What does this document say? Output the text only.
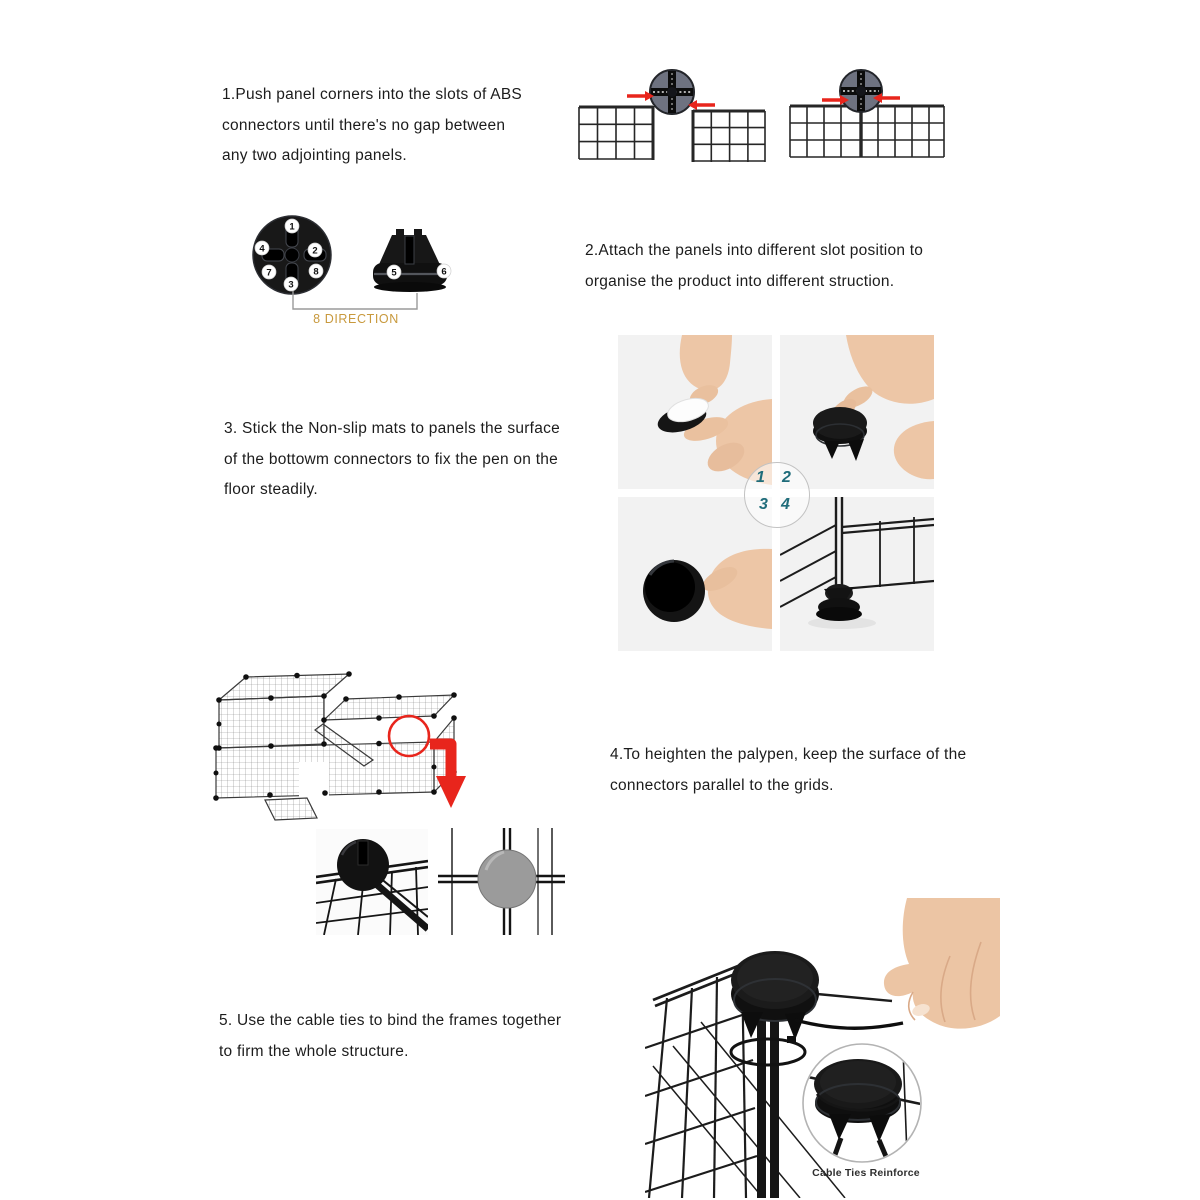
1.Push panel corners into the slots of ABS
connectors until there's no gap between
any two adjointing panels.
1
2
3
4
7	8	5	6
8 DIRECTION
2.Attach the panels into different slot position to
organise the product into different struction.
3. Stick the Non-slip mats to panels the surface
of the bottowm connectors to fix the pen on the
floor steadily.
1 2
3 4
4.To heighten the palypen, keep the surface of the
connectors parallel to the grids.
5. Use the cable ties to bind the frames together
to firm the whole structure.
Cable Ties Reinforce
